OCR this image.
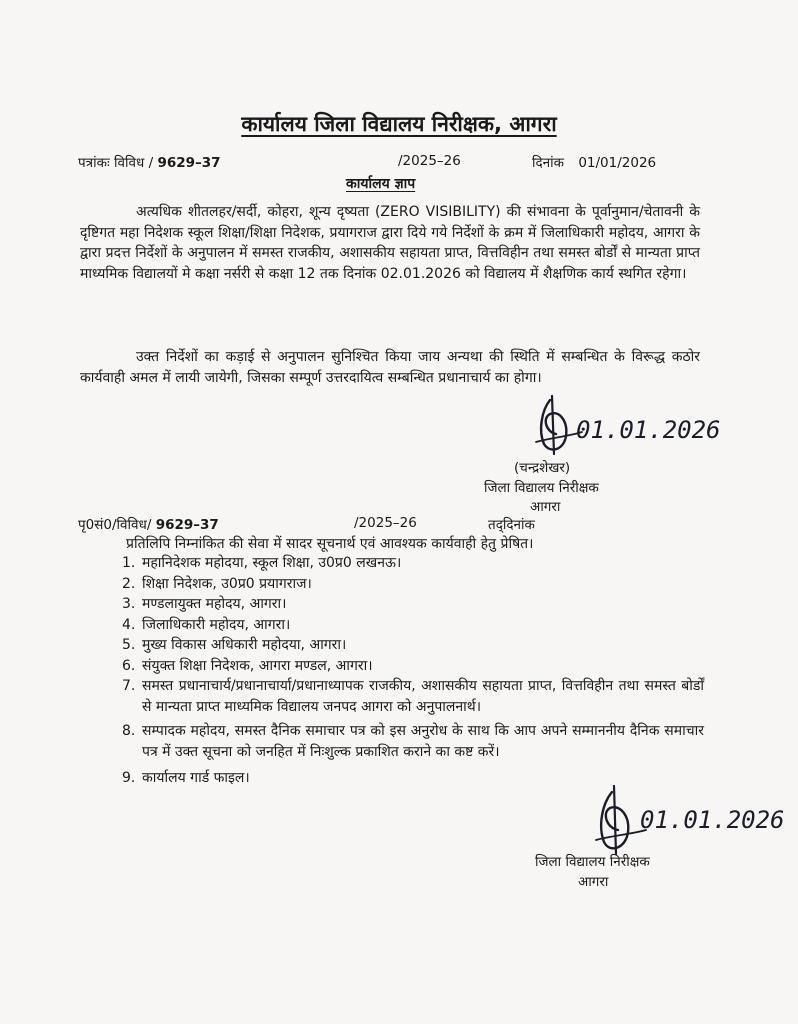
कार्यालय जिला विद्यालय निरीक्षक, आगरा
पत्रांकः विविध / 9629–37	/2025–26	दिनांक 01/01/2026
कार्यालय ज्ञाप
अत्यधिक शीतलहर/सर्दी, कोहरा, शून्य दृष्यता (ZERO VISIBILITY) की संभावना के पूर्वानुमान/चेतावनी के दृष्टिगत महा निदेशक स्कूल शिक्षा/शिक्षा निदेशक, प्रयागराज द्वारा दिये गये निर्देशों के क्रम में जिलाधिकारी महोदय, आगरा के द्वारा प्रदत्त निर्देशों के अनुपालन में समस्त राजकीय, अशासकीय सहायता प्राप्त, वित्तविहीन तथा समस्त बोर्डों से मान्यता प्राप्त माध्यमिक विद्यालयों मे कक्षा नर्सरी से कक्षा 12 तक दिनांक 02.01.2026 को विद्यालय में शैक्षणिक कार्य स्थगित रहेगा।
उक्त निर्देशों का कड़ाई से अनुपालन सुनिश्चित किया जाय अन्यथा की स्थिति में सम्बन्धित के विरूद्ध कठोर कार्यवाही अमल में लायी जायेगी, जिसका सम्पूर्ण उत्तरदायित्व सम्बन्धित प्रधानाचार्य का होगा।
01.01.2026
(चन्द्रशेखर)
जिला विद्यालय निरीक्षक
आगरा
पृ0सं0/विविध/ 9629–37	/2025–26	तद्‌दिनांक
प्रतिलिपि निम्नांकित की सेवा में सादर सूचनार्थ एवं आवश्यक कार्यवाही हेतु प्रेषित।
1. महानिदेशक महोदया, स्कूल शिक्षा, उ0प्र0 लखनऊ।
2. शिक्षा निदेशक, उ0प्र0 प्रयागराज।
3. मण्डलायुक्त महोदय, आगरा।
4. जिलाधिकारी महोदय, आगरा।
5. मुख्य विकास अधिकारी महोदया, आगरा।
6. संयुक्त शिक्षा निदेशक, आगरा मण्डल, आगरा।
7. समस्त प्रधानाचार्य/प्रधानाचार्या/प्रधानाध्यापक राजकीय, अशासकीय सहायता प्राप्त, वित्तविहीन तथा समस्त बोर्डों से मान्यता प्राप्त माध्यमिक विद्यालय जनपद आगरा को अनुपालनार्थ।
8. सम्पादक महोदय, समस्त दैनिक समाचार पत्र को इस अनुरोध के साथ कि आप अपने सम्माननीय दैनिक समाचार पत्र में उक्त सूचना को जनहित में निःशुल्क प्रकाशित कराने का कष्ट करें।
9. कार्यालय गार्ड फाइल।
01.01.2026
जिला विद्यालय निरीक्षक
आगरा
